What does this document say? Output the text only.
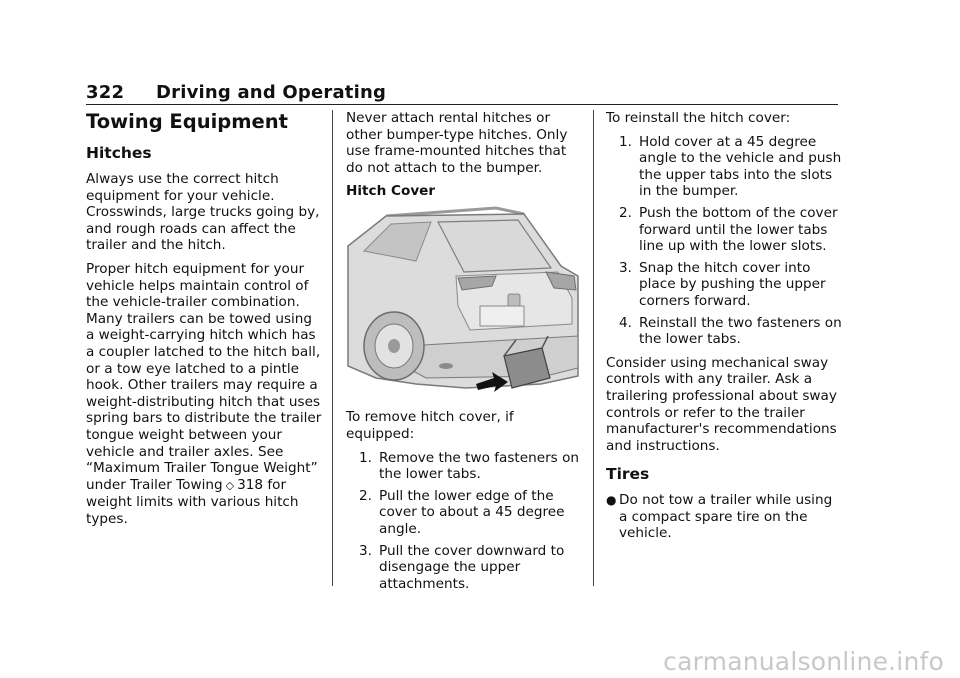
322 Driving and Operating
Towing Equipment
Hitches

Always use the correct hitch equipment for your vehicle. Crosswinds, large trucks going by, and rough roads can affect the trailer and the hitch.

Proper hitch equipment for your vehicle helps maintain control of the vehicle-trailer combination. Many trailers can be towed using a weight-carrying hitch which has a coupler latched to the hitch ball, or a tow eye latched to a pintle hook. Other trailers may require a weight-distributing hitch that uses spring bars to distribute the trailer tongue weight between your vehicle and trailer axles. See “Maximum Trailer Tongue Weight” under Trailer Towing ◇ 318 for weight limits with various hitch types.

Never attach rental hitches or other bumper-type hitches. Only use frame-mounted hitches that do not attach to the bumper.

Hitch Cover

To remove hitch cover, if equipped:

1. Remove the two fasteners on the lower tabs.
2. Pull the lower edge of the cover to about a 45 degree angle.
3. Pull the cover downward to disengage the upper attachments.

To reinstall the hitch cover:

1. Hold cover at a 45 degree angle to the vehicle and push the upper tabs into the slots in the bumper.
2. Push the bottom of the cover forward until the lower tabs line up with the lower slots.
3. Snap the hitch cover into place by pushing the upper corners forward.
4. Reinstall the two fasteners on the lower tabs.

Consider using mechanical sway controls with any trailer. Ask a trailering professional about sway controls or refer to the trailer manufacturer's recommendations and instructions.

Tires
● Do not tow a trailer while using a compact spare tire on the vehicle.
carmanualsonline.info
